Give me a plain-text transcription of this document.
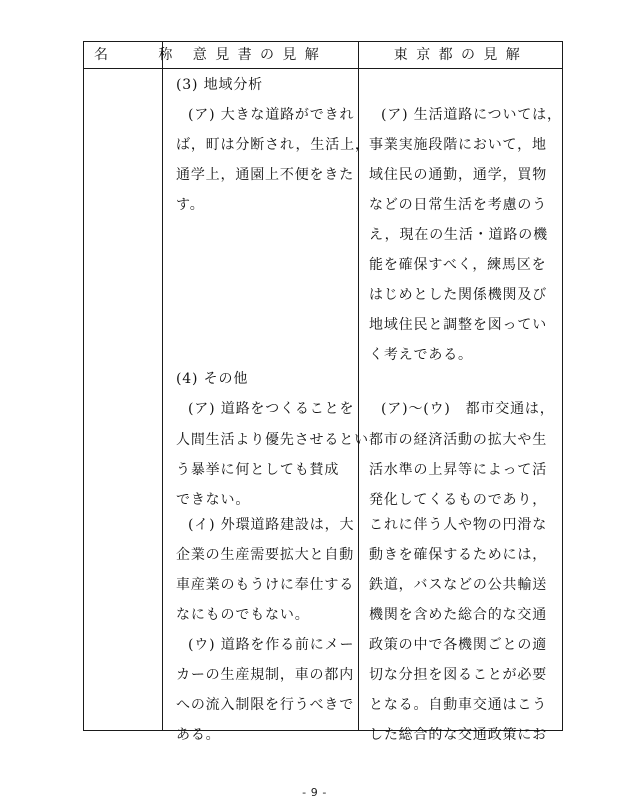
名　称 意見書の見解	東京都の見解
(3) 地域分析
(ア) 大きな道路ができれ
ば，町は分断され，生活上，
通学上，通園上不便をきた
す。
(4) その他
(ア) 道路をつくることを
人間生活より優先させるとい
う暴挙に何としても賛成
できない。
(イ) 外環道路建設は，大
企業の生産需要拡大と自動
車産業のもうけに奉仕する
なにものでもない。
(ウ) 道路を作る前にメー
カーの生産規制，車の都内
への流入制限を行うべきで
ある。
(ア) 生活道路については，
事業実施段階において，地
域住民の通勤，通学，買物
などの日常生活を考慮のう
え，現在の生活・道路の機
能を確保すべく，練馬区を
はじめとした関係機関及び
地域住民と調整を図ってい
く考えである。
(ア)～(ウ)　都市交通は，
都市の経済活動の拡大や生
活水準の上昇等によって活
発化してくるものであり，
これに伴う人や物の円滑な
動きを確保するためには，
鉄道，バスなどの公共輸送
機関を含めた総合的な交通
政策の中で各機関ごとの適
切な分担を図ることが必要
となる。自動車交通はこう
した総合的な交通政策にお
- 9 -
